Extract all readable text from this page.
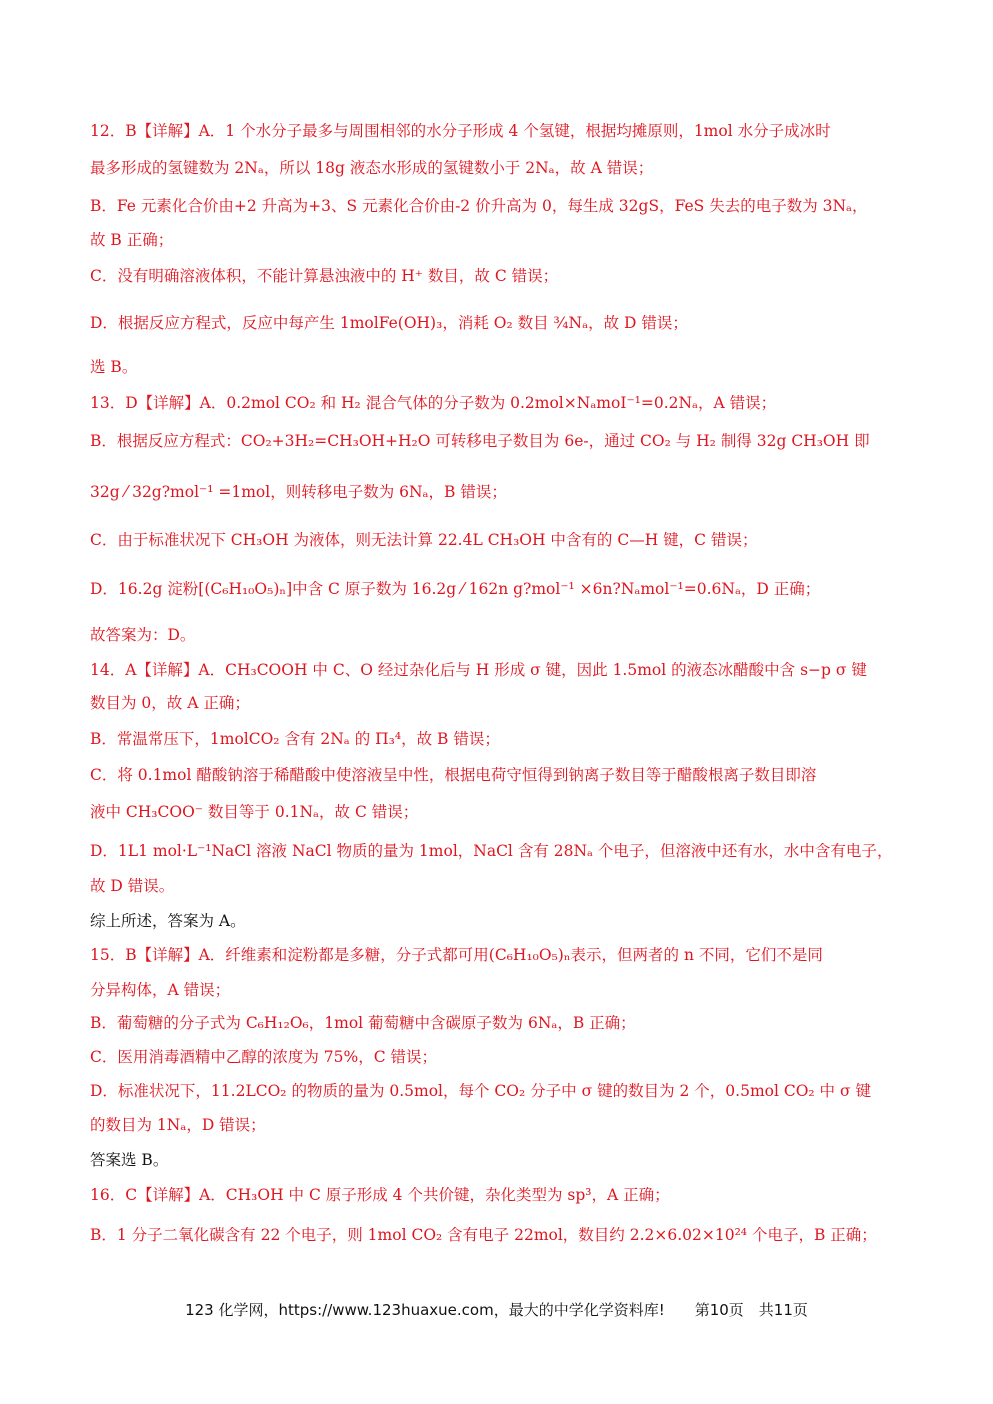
12．B【详解】A．1 个水分子最多与周围相邻的水分子形成 4 个氢键，根据均摊原则，1mol 水分子成冰时
最多形成的氢键数为 2Nₐ，所以 18g 液态水形成的氢键数小于 2Nₐ，故 A 错误；
B．Fe 元素化合价由+2 升高为+3、S 元素化合价由-2 价升高为 0，每生成 32gS，FeS 失去的电子数为 3Nₐ，
故 B 正确；
C．没有明确溶液体积，不能计算悬浊液中的 H⁺ 数目，故 C 错误；
D．根据反应方程式，反应中每产生 1molFe(OH)₃，消耗 O₂ 数目 ¾Nₐ，故 D 错误；
选 B。
13．D【详解】A．0.2mol CO₂ 和 H₂ 混合气体的分子数为 0.2mol×NₐmoI⁻¹=0.2Nₐ，A 错误；
B．根据反应方程式：CO₂+3H₂=CH₃OH+H₂O 可转移电子数目为 6e-，通过 CO₂ 与 H₂ 制得 32g CH₃OH 即
32g ⁄ 32g?mol⁻¹ =1mol，则转移电子数为 6Nₐ，B 错误；
C．由于标准状况下 CH₃OH 为液体，则无法计算 22.4L CH₃OH 中含有的 C—H 键，C 错误；
D．16.2g 淀粉[(C₆H₁₀O₅)ₙ]中含 C 原子数为 16.2g ⁄ 162n g?mol⁻¹ ×6n?Nₐmol⁻¹=0.6Nₐ，D 正确；
故答案为：D。
14．A【详解】A．CH₃COOH 中 C、O 经过杂化后与 H 形成 σ 键，因此 1.5mol 的液态冰醋酸中含 s−p σ 键
数目为 0，故 A 正确；
B．常温常压下，1molCO₂ 含有 2Nₐ 的 Π₃⁴，故 B 错误；
C．将 0.1mol 醋酸钠溶于稀醋酸中使溶液呈中性，根据电荷守恒得到钠离子数目等于醋酸根离子数目即溶
液中 CH₃COO⁻ 数目等于 0.1Nₐ，故 C 错误；
D．1L1 mol·L⁻¹NaCl 溶液 NaCl 物质的量为 1mol，NaCl 含有 28Nₐ 个电子，但溶液中还有水，水中含有电子，
故 D 错误。
综上所述，答案为 A。
15．B【详解】A．纤维素和淀粉都是多糖，分子式都可用(C₆H₁₀O₅)ₙ表示，但两者的 n 不同，它们不是同
分异构体，A 错误；
B．葡萄糖的分子式为 C₆H₁₂O₆，1mol 葡萄糖中含碳原子数为 6Nₐ，B 正确；
C．医用消毒酒精中乙醇的浓度为 75%，C 错误；
D．标准状况下，11.2LCO₂ 的物质的量为 0.5mol，每个 CO₂ 分子中 σ 键的数目为 2 个，0.5mol CO₂ 中 σ 键
的数目为 1Nₐ，D 错误；
答案选 B。
16．C【详解】A．CH₃OH 中 C 原子形成 4 个共价键，杂化类型为 sp³，A 正确；
B．1 分子二氧化碳含有 22 个电子，则 1mol CO₂ 含有电子 22mol，数目约 2.2×6.02×10²⁴ 个电子，B 正确；
123 化学网，https://www.123huaxue.com，最大的中学化学资料库!　　第10页　共11页
